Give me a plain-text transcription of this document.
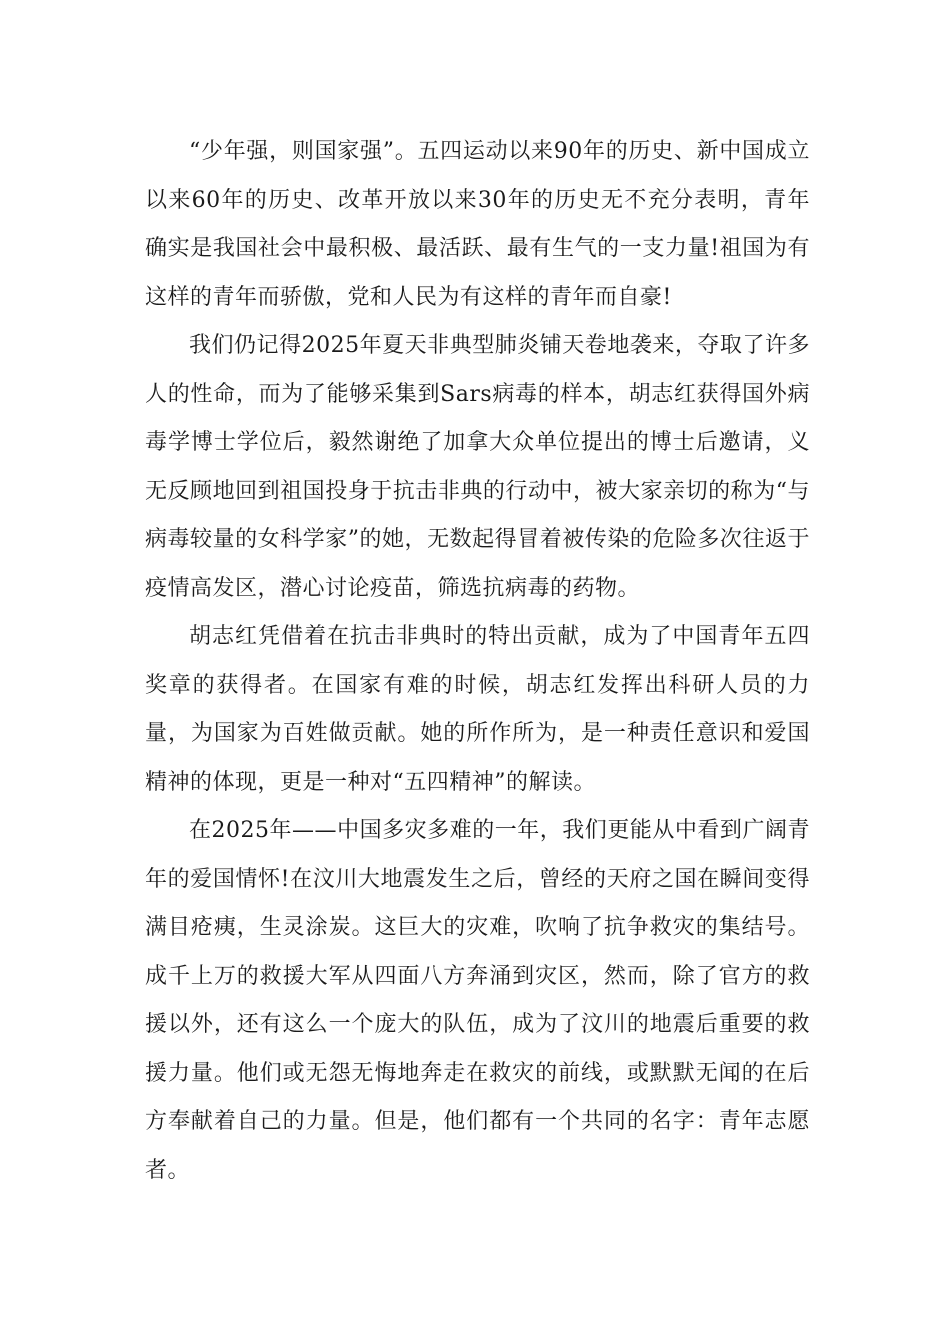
“少年强，则国家强”。五四运动以来90年的历史、新中国成立以来60年的历史、改革开放以来30年的历史无不充分表明，青年确实是我国社会中最积极、最活跃、最有生气的一支力量!祖国为有这样的青年而骄傲，党和人民为有这样的青年而自豪!

我们仍记得2025年夏天非典型肺炎铺天卷地袭来，夺取了许多人的性命，而为了能够采集到Sars病毒的样本，胡志红获得国外病毒学博士学位后，毅然谢绝了加拿大众单位提出的博士后邀请，义无反顾地回到祖国投身于抗击非典的行动中，被大家亲切的称为“与病毒较量的女科学家”的她，无数起得冒着被传染的危险多次往返于疫情高发区，潜心讨论疫苗，筛选抗病毒的药物。

胡志红凭借着在抗击非典时的特出贡献，成为了中国青年五四奖章的获得者。在国家有难的时候，胡志红发挥出科研人员的力量，为国家为百姓做贡献。她的所作所为，是一种责任意识和爱国精神的体现，更是一种对“五四精神”的解读。

在2025年——中国多灾多难的一年，我们更能从中看到广阔青年的爱国情怀!在汶川大地震发生之后，曾经的天府之国在瞬间变得满目疮痍，生灵涂炭。这巨大的灾难，吹响了抗争救灾的集结号。成千上万的救援大军从四面八方奔涌到灾区，然而，除了官方的救援以外，还有这么一个庞大的队伍，成为了汶川的地震后重要的救援力量。他们或无怨无悔地奔走在救灾的前线，或默默无闻的在后方奉献着自己的力量。但是，他们都有一个共同的名字：青年志愿者。
